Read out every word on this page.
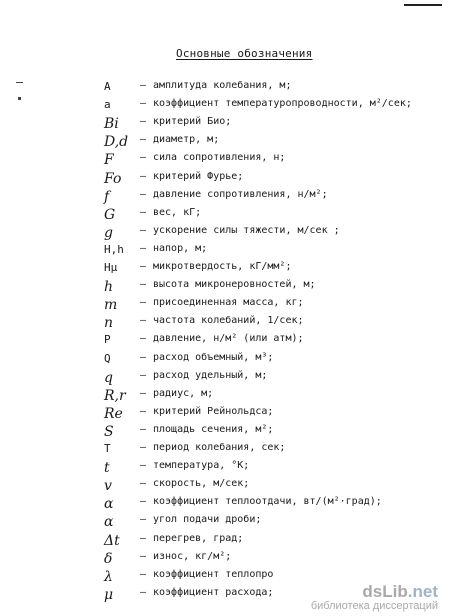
Основные обозначения
A	– амплитуда колебания, м;
a	– коэффициент температуропроводности, м²/сек;
Bi – критерий Био;
D,d – диаметр, м;
F	– сила сопротивления, н;
Fo – критерий Фурье;
f	– давление сопротивления, н/м²;
G – вес, кГ;
g	– ускорение силы тяжести, м/сек ;
H,h – напор, м;
Hμ – микротвердость, кГ/мм²;
h	– высота микронеровностей, м;
m – присоединенная масса, кг;
n	– частота колебаний, 1/сек;
P	– давление, н/м² (или атм);
Q	– расход объемный, м³;
q	– расход удельный, м;
R,r – радиус, м;
Re – критерий Рейнольдса;
S	– площадь сечения, м²;
T	– период колебания, сек;
t	– температура, °К;
v	– скорость, м/сек;
α	– коэффициент теплоотдачи, вт/(м²·град);
α	– угол подачи дроби;
Δt – перегрев, град;
δ	– износ, кг/м²;
λ	– коэффициент теплопро
μ	– коэффициент расхода;	dsLib.net
библиотека диссертаций
